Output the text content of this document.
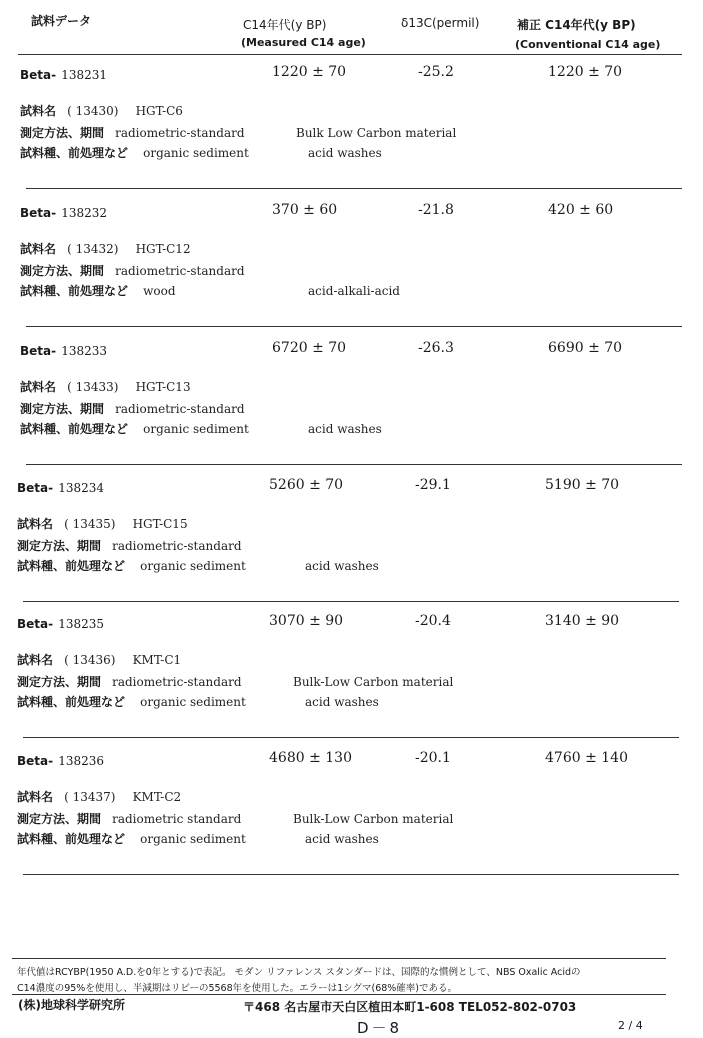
試料データ	C14年代(y BP)
(Measured C14 age)
δ13C(permil)	補正 C14年代(y BP)
(Conventional C14 age)
Beta- 138231	1220 ± 70	-25.2	1220 ± 70
試料名 ( 13430) HGT-C6
測定方法、期間 radiometric-standard	Bulk Low Carbon material
試料種、前処理など organic sediment	acid washes
Beta- 138232	370 ± 60	-21.8	420 ± 60
試料名 ( 13432) HGT-C12
測定方法、期間 radiometric-standard
試料種、前処理など wood	acid-alkali-acid
Beta- 138233	6720 ± 70	-26.3	6690 ± 70
試料名 ( 13433) HGT-C13
測定方法、期間 radiometric-standard
試料種、前処理など organic sediment	acid washes
Beta- 138234	5260 ± 70	-29.1	5190 ± 70
試料名 ( 13435) HGT-C15
測定方法、期間 radiometric-standard
試料種、前処理など organic sediment	acid washes
Beta- 138235	3070 ± 90	-20.4	3140 ± 90
試料名 ( 13436) KMT-C1
測定方法、期間 radiometric-standard	Bulk-Low Carbon material
試料種、前処理など organic sediment	acid washes
Beta- 138236	4680 ± 130	-20.1	4760 ± 140
試料名 ( 13437) KMT-C2
測定方法、期間 radiometric standard	Bulk-Low Carbon material
試料種、前処理など organic sediment	acid washes
年代値はRCYBP(1950 A.D.を0年とする)で表記。 モダン リファレンス スタンダードは、国際的な慣例として、NBS Oxalic Acidの
C14濃度の95%を使用し、半減期はリビーの5568年を使用した。エラーは1シグマ(68%確率)である。
(株)地球科学研究所	〒468 名古屋市天白区植田本町1-608 TEL052-802-0703
D－8	2 / 4
